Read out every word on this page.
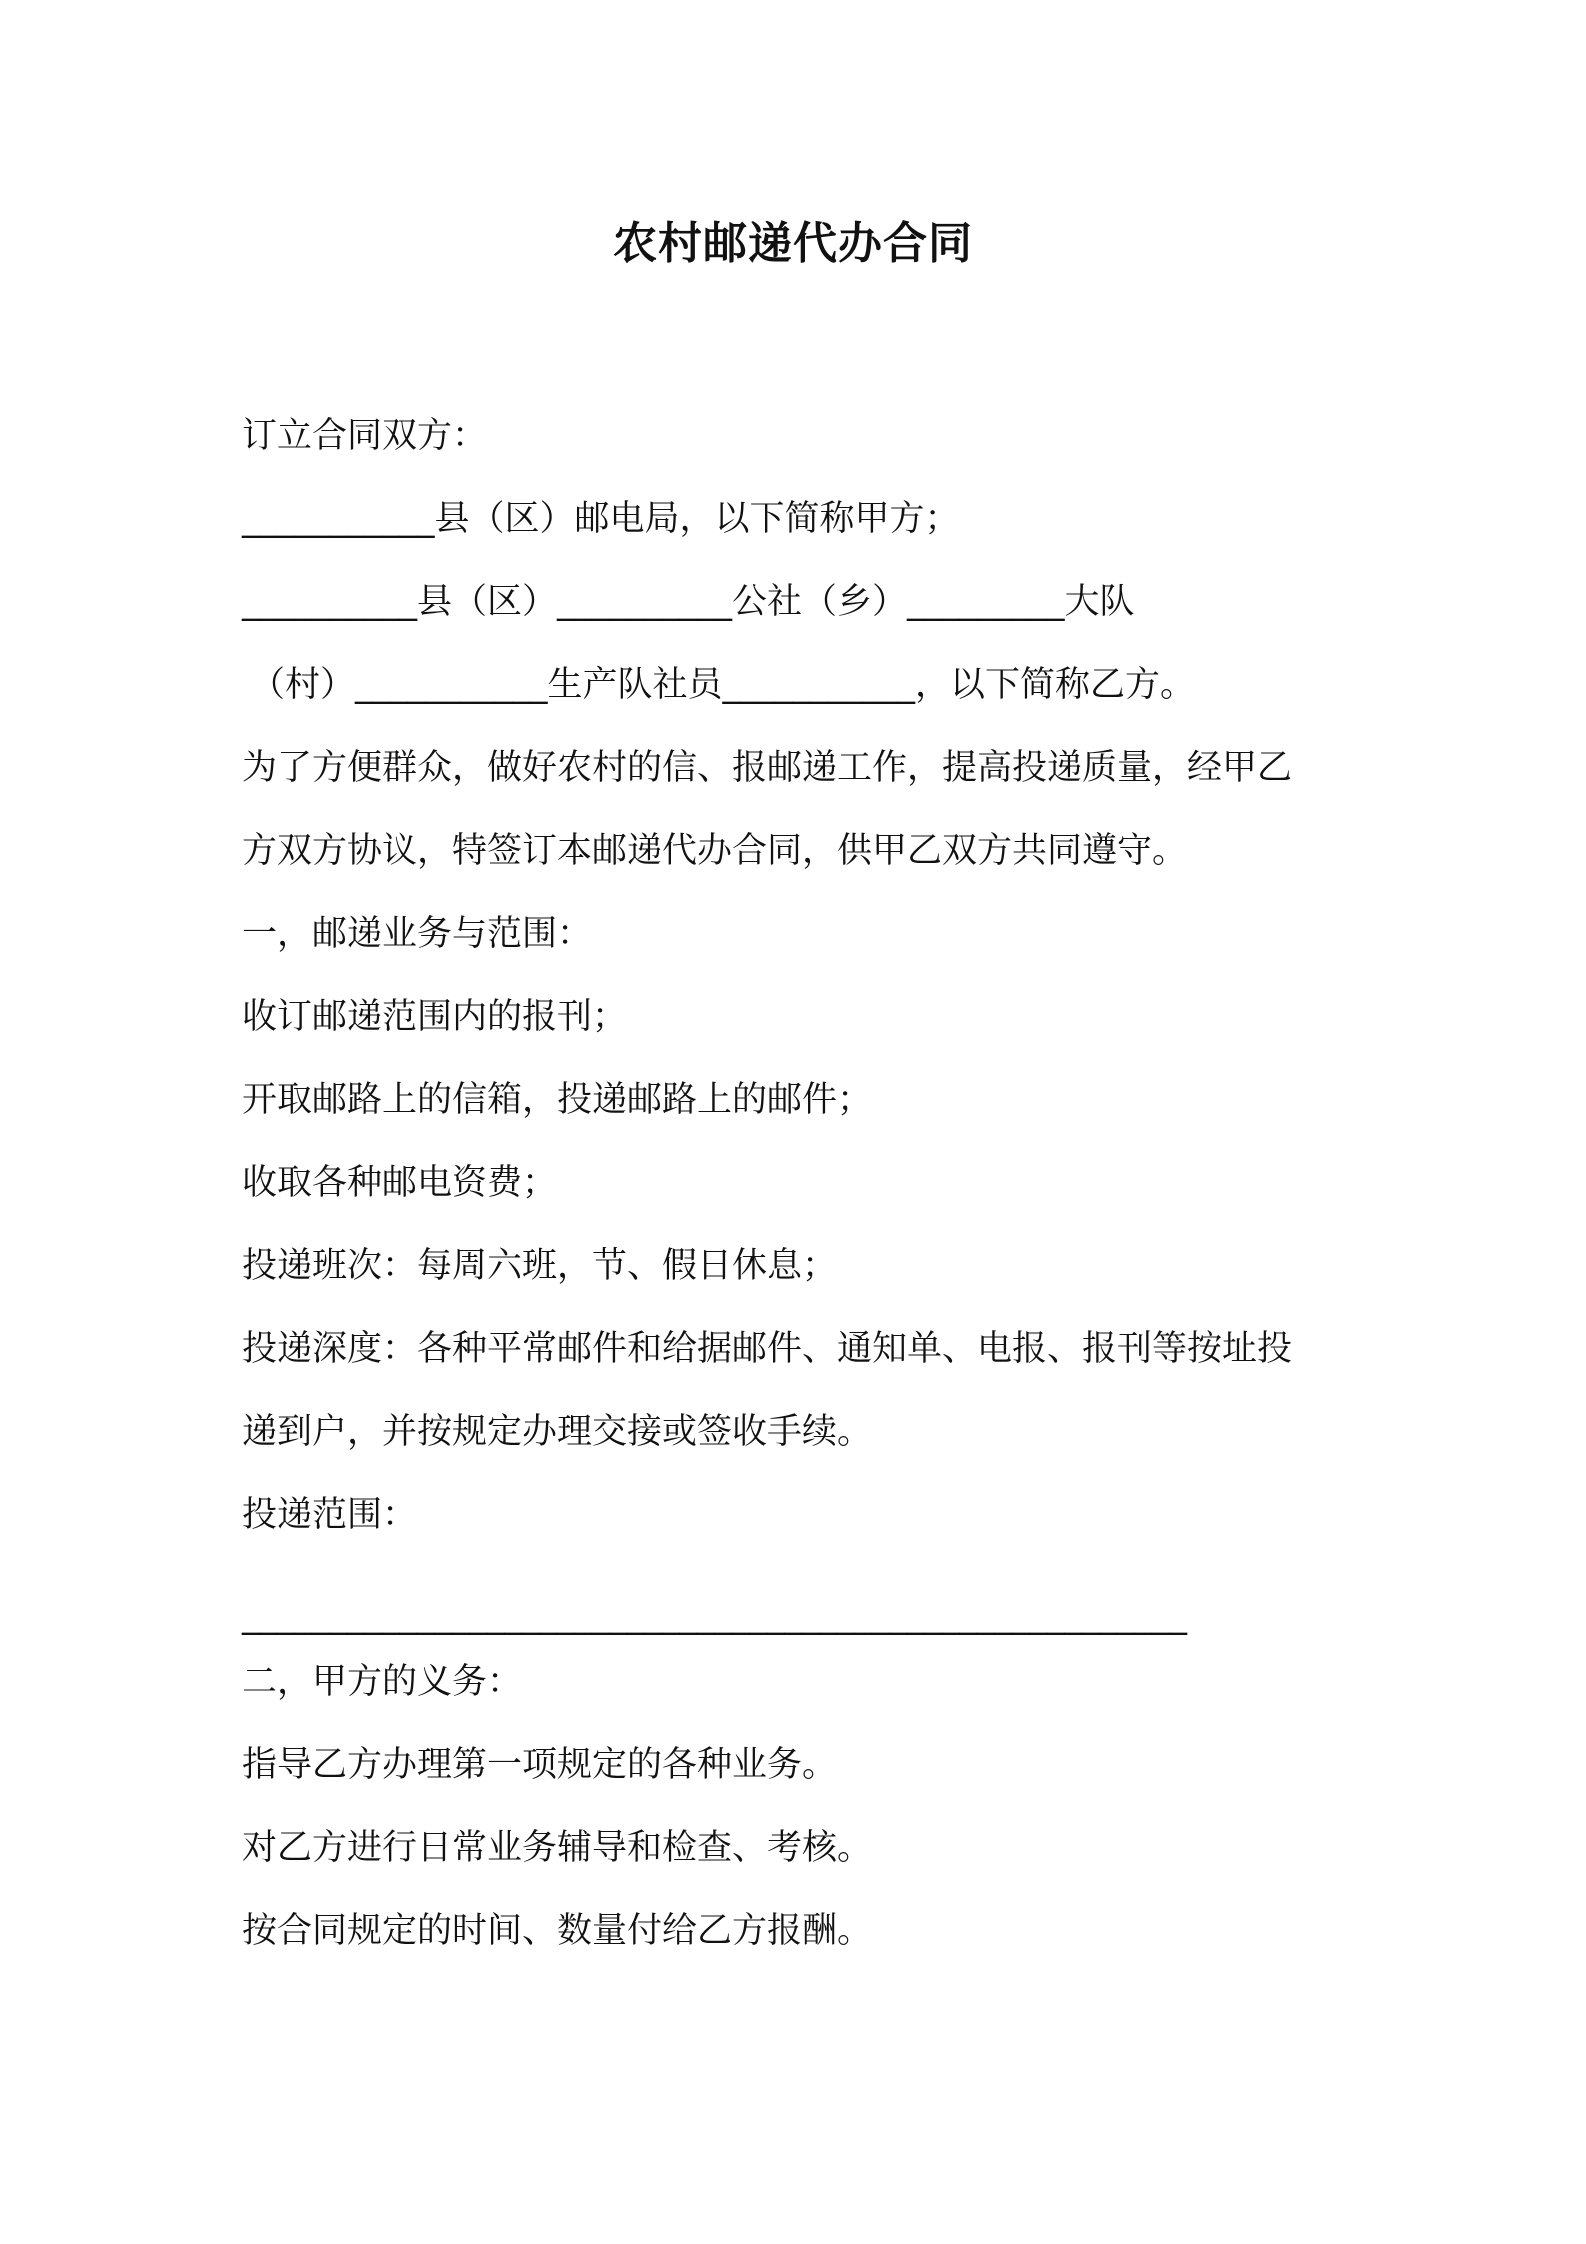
农村邮递代办合同
订立合同双方：
___________县（区）邮电局，以下简称甲方；
__________县（区）__________公社（乡）_________大队
（村）___________生产队社员___________，以下简称乙方。
为了方便群众，做好农村的信、报邮递工作，提高投递质量，经甲乙
方双方协议，特签订本邮递代办合同，供甲乙双方共同遵守。
一，邮递业务与范围：
收订邮递范围内的报刊；
开取邮路上的信箱，投递邮路上的邮件；
收取各种邮电资费；
投递班次：每周六班，节、假日休息；
投递深度：各种平常邮件和给据邮件、通知单、电报、报刊等按址投
递到户，并按规定办理交接或签收手续。
投递范围：
______________________________________________________
二，甲方的义务：
指导乙方办理第一项规定的各种业务。
对乙方进行日常业务辅导和检查、考核。
按合同规定的时间、数量付给乙方报酬。
